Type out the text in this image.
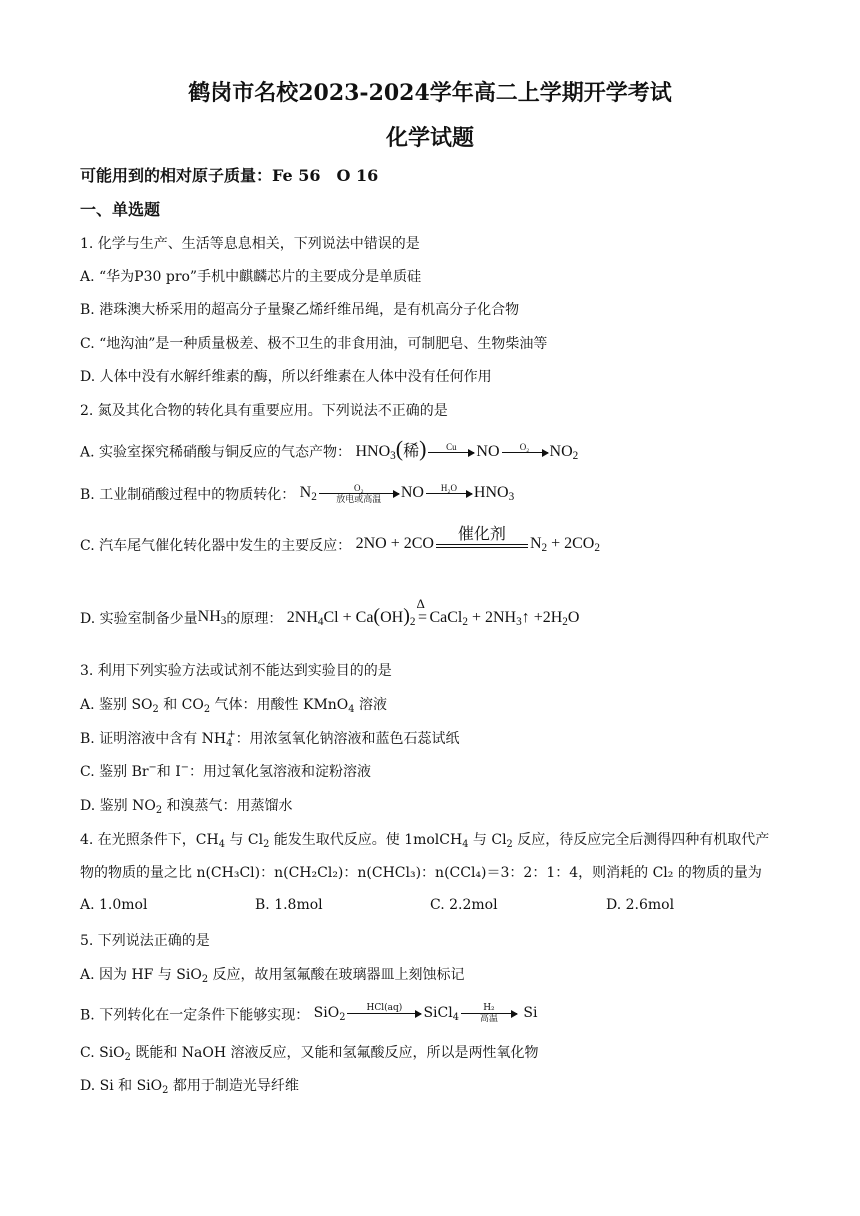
鹤岗市名校2023-2024学年高二上学期开学考试
化学试题
可能用到的相对原子质量：Fe 56　O 16
一、单选题
1. 化学与生产、生活等息息相关，下列说法中错误的是
A. “华为P30 pro”手机中麒麟芯片的主要成分是单质硅
B. 港珠澳大桥采用的超高分子量聚乙烯纤维吊绳，是有机高分子化合物
C. “地沟油”是一种质量极差、极不卫生的非食用油，可制肥皂、生物柴油等
D. 人体中没有水解纤维素的酶，所以纤维素在人体中没有任何作用
2. 氮及其化合物的转化具有重要应用。下列说法不正确的是
A. 实验室探究稀硝酸与铜反应的气态产物： $HNO_3$(稀)	Cu	NO	O₂	$NO_2$
B. 工业制硝酸过程中的物质转化： $N_2$
O₂
放电或高温	NO	H₂O	$HNO_3$
C. 汽车尾气催化转化器中发生的主要反应： 2NO + 2CO
催化剂
$N_2 + 2CO_2$
D. 实验室制备少量$NH_3$的原理： $2NH_4Cl + Ca(OH)_2$
Δ
= CaCl$_2$ + $2NH_3↑ +2H_2O$
3. 利用下列实验方法或试剂不能达到实验目的的是
A. 鉴别 $SO_2$ 和 $CO_2$ 气体：用酸性 KMnO$_4$ 溶液
B. 证明溶液中含有 $NH_4^+$：用浓氢氧化钠溶液和蓝色石蕊试纸
C. 鉴别 Br−和 I−：用过氧化氢溶液和淀粉溶液
D. 鉴别 $NO_2$ 和溴蒸气：用蒸馏水
4. 在光照条件下，$CH_4$ 与 $Cl_2$ 能发生取代反应。使 1molCH$_4$ 与 $Cl_2$ 反应，待反应完全后测得四种有机取代产
物的物质的量之比 n(CH₃Cl)：n(CH₂Cl₂)：n(CHCl₃)：n(CCl₄)＝3：2：1：4，则消耗的 Cl₂ 的物质的量为
A. 1.0mol	B. 1.8mol	C. 2.2mol	D. 2.6mol
5. 下列说法正确的是
A. 因为 HF 与 SiO$_2$ 反应，故用氢氟酸在玻璃器皿上刻蚀标记
B. 下列转化在一定条件下能够实现： SiO$_2$
HCl(aq)	SiCl$_4$
H₂
高温	Si
C. SiO$_2$ 既能和 NaOH 溶液反应，又能和氢氟酸反应，所以是两性氧化物
D. Si 和 SiO$_2$ 都用于制造光导纤维
